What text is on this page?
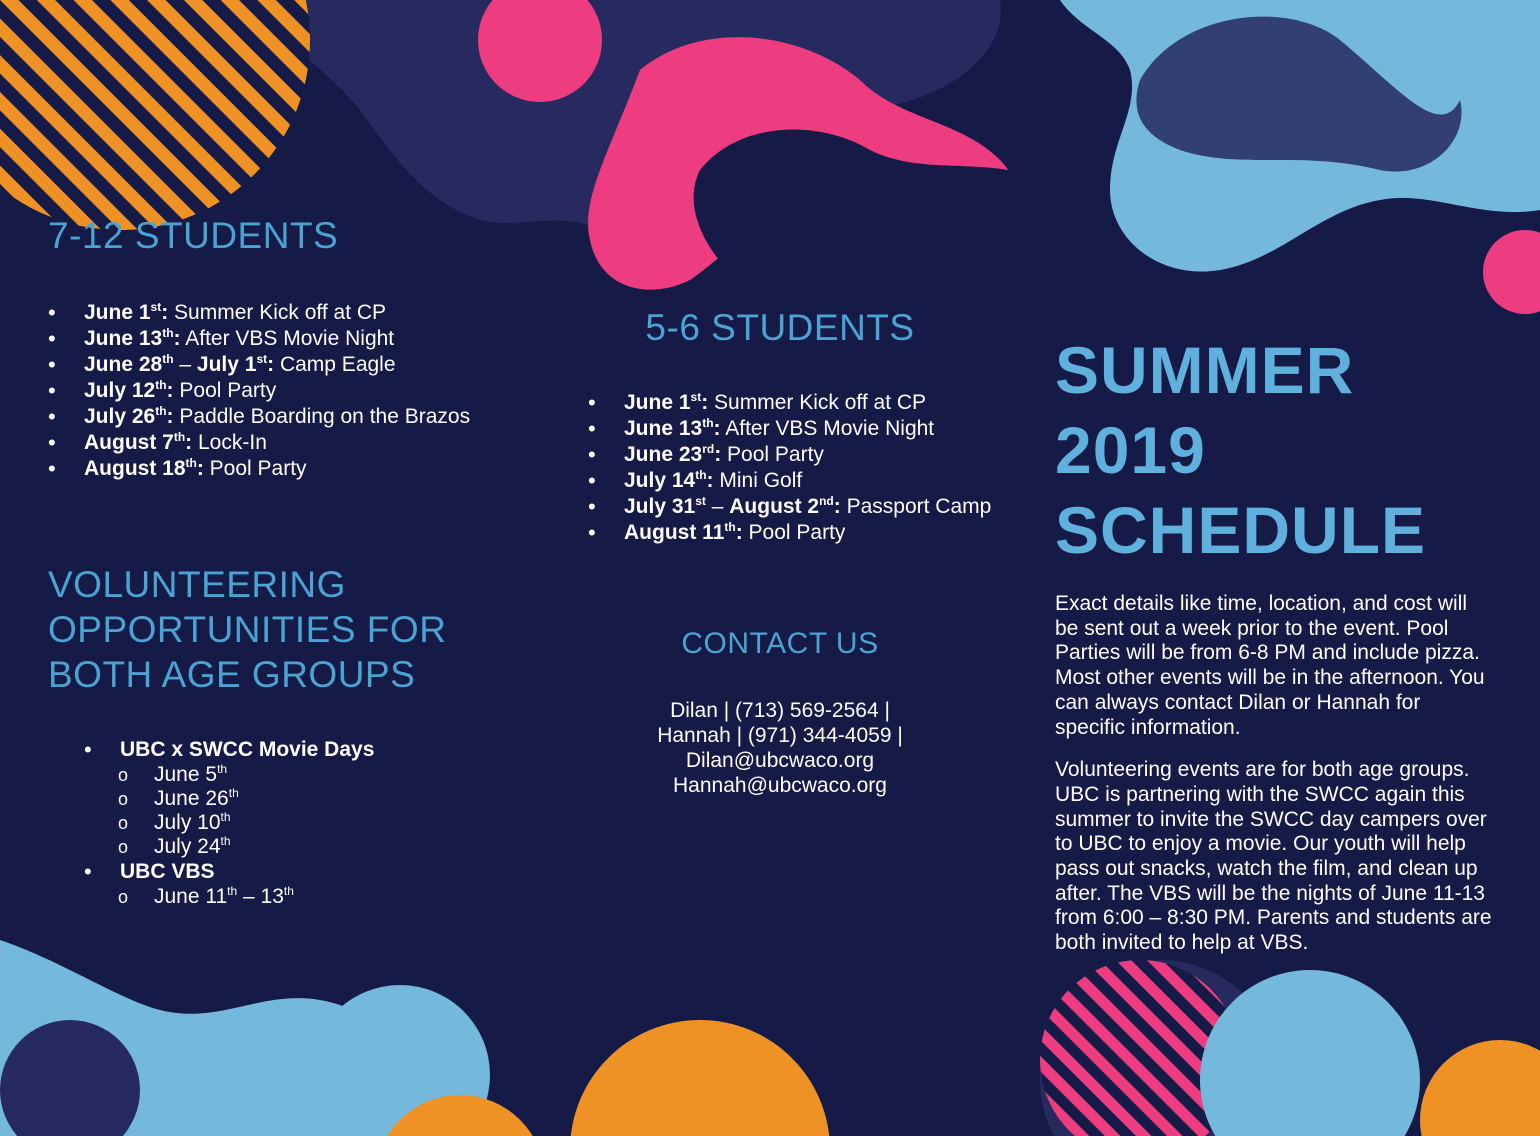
7-12 STUDENTS
• June 1st: Summer Kick off at CP
• June 13th: After VBS Movie Night
• June 28th – July 1st: Camp Eagle
• July 12th: Pool Party
• July 26th: Paddle Boarding on the Brazos
• August 7th: Lock-In
• August 18th: Pool Party
VOLUNTEERING
OPPORTUNITIES FOR
BOTH AGE GROUPS
• UBC x SWCC Movie Days
o June 5th
o June 26th
o July 10th
o July 24th
• UBC VBS
o June 11th – 13th
5-6 STUDENTS
• June 1st: Summer Kick off at CP
• June 13th: After VBS Movie Night
• June 23rd: Pool Party
• July 14th: Mini Golf
• July 31st – August 2nd: Passport Camp
• August 11th: Pool Party
CONTACT US
Dilan | (713) 569-2564 |
Hannah | (971) 344-4059 |
Dilan@ubcwaco.org
Hannah@ubcwaco.org
SUMMER
2019
SCHEDULE

Exact details like time, location, and cost will be sent out a week prior to the event. Pool Parties will be from 6-8 PM and include pizza. Most other events will be in the afternoon. You can always contact Dilan or Hannah for specific information.

Volunteering events are for both age groups. UBC is partnering with the SWCC again this summer to invite the SWCC day campers over to UBC to enjoy a movie. Our youth will help pass out snacks, watch the film, and clean up after. The VBS will be the nights of June 11-13 from 6:00 – 8:30 PM. Parents and students are both invited to help at VBS.
